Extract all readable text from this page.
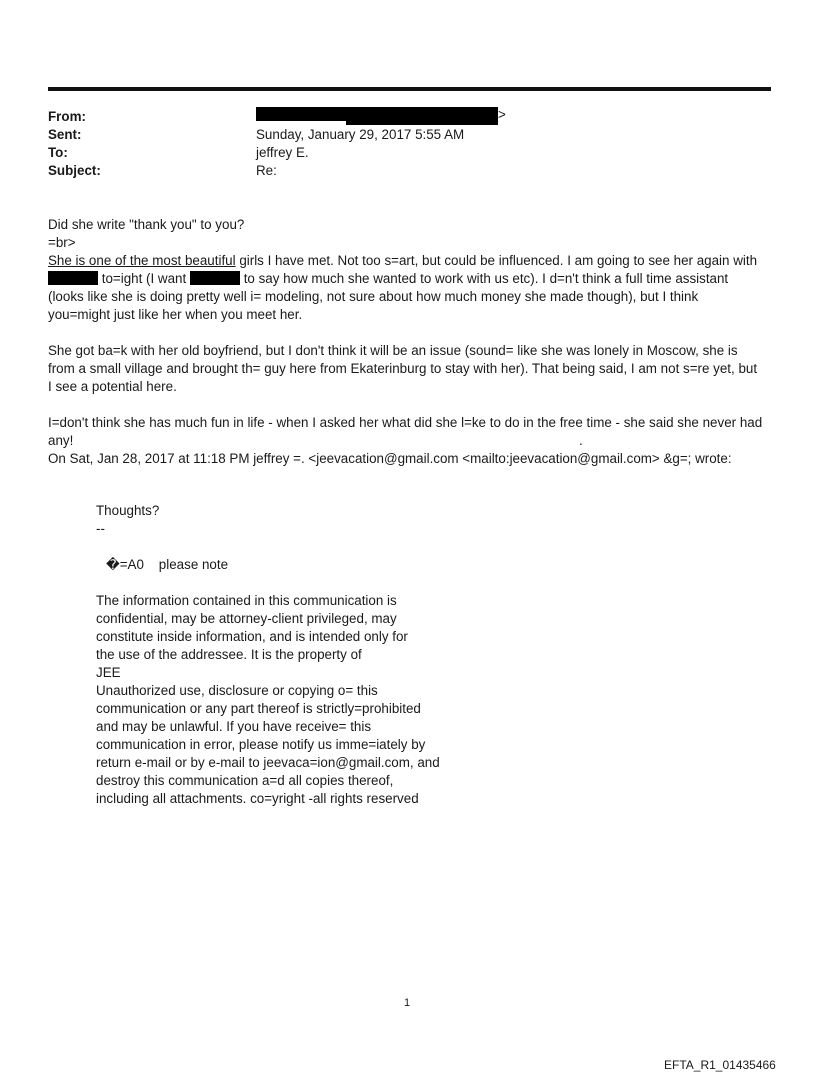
From:	>
Sent:	Sunday, January 29, 2017 5:55 AM
To:	jeffrey E.
Subject:	Re:
Did she write "thank you" to you?
=br>
She is one of the most beautiful girls I have met. Not too s=art, but could be influenced. I am going to see her again with
to=ight (I want	to say how much she wanted to work with us etc). I d=n't think a full time assistant
(looks like she is doing pretty well i= modeling, not sure about how much money she made though), but I think
you=might just like her when you meet her.
She got ba=k with her old boyfriend, but I don't think it will be an issue (sound= like she was lonely in Moscow, she is
from a small village and brought th= guy here from Ekaterinburg to stay with her). That being said, I am not s=re yet, but
I see a potential here.
I=don't think she has much fun in life - when I asked her what did she l=ke to do in the free time - she said she never had
any!	.
On Sat, Jan 28, 2017 at 11:18 PM jeffrey =. <jeevacation@gmail.com <mailto:jeevacation@gmail.com> &g=; wrote:
Thoughts?
--
�=A0    please note
The information contained in this communication is
confidential, may be attorney-client privileged, may
constitute inside information, and is intended only for
the use of the addressee. It is the property of
JEE
Unauthorized use, disclosure or copying o= this
communication or any part thereof is strictly=prohibited
and may be unlawful. If you have receive= this
communication in error, please notify us imme=iately by
return e-mail or by e-mail to jeevaca=ion@gmail.com, and
destroy this communication a=d all copies thereof,
including all attachments. co=yright -all rights reserved
1
EFTA_R1_01435466
